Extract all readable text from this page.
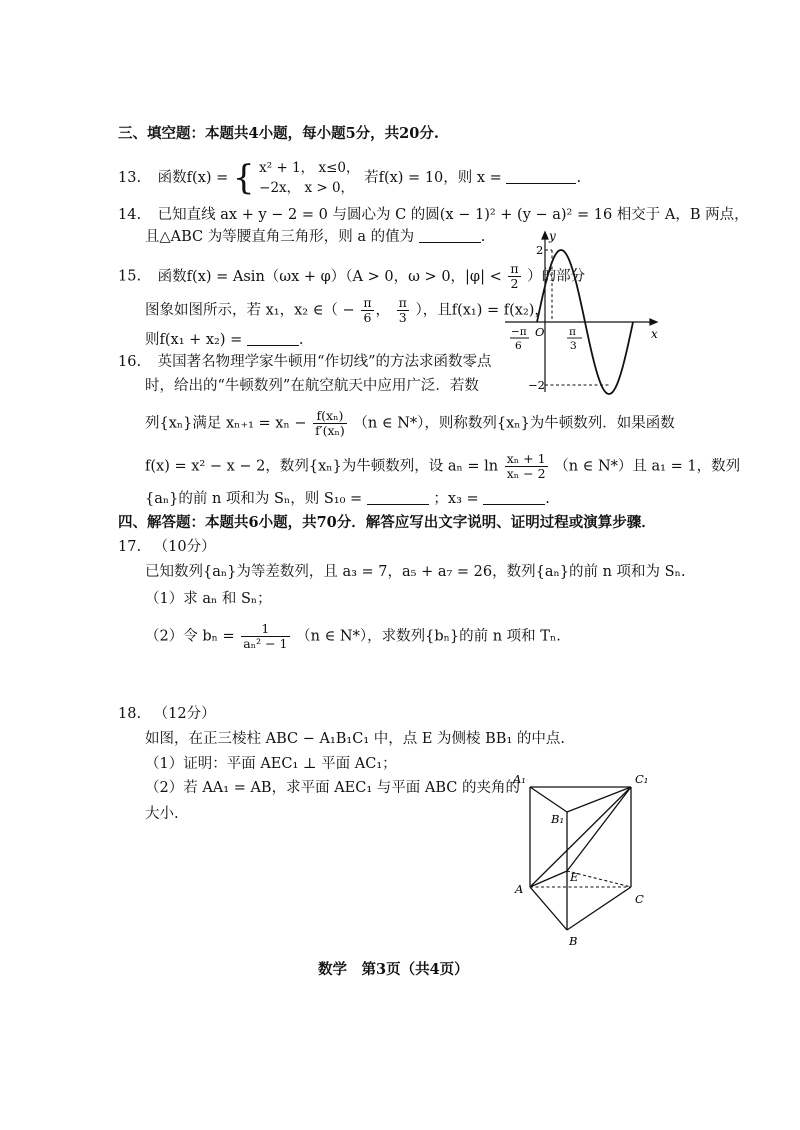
三、填空题：本题共4小题，每小题5分，共20分.
13. 函数f(x) = { x² + 1， x≤0，
−2x， x > 0，
若f(x) = 10，则 x =	.
14. 已知直线 ax + y − 2 = 0 与圆心为 C 的圆(x − 1)² + (y − a)² = 16 相交于 A，B 两点，
且△ABC 为等腰直角三角形，则 a 的值为	.
15. 函数f(x) = Asin（ωx + φ）（A > 0，ω > 0，$|\varphi| < \frac{\pi}{2}$ ）的部分
图象如图所示，若 x₁，x₂ ∈（ − $\frac{\pi}{6}$ ， $\frac{\pi}{3}$ ），且f(x₁) = f(x₂)，
则f(x₁ + x₂) =	.
y
x
O
2
−2
−π
6
π
3
16. 英国著名物理学家牛顿用“作切线”的方法求函数零点
时，给出的“牛顿数列”在航空航天中应用广泛．若数
列{xₙ}满足 $x_{n+1} = x_n - \frac{\text{f(xₙ)}}{\text{f′(xₙ)}} (n$ ∈ N*），则称数列{xₙ}为牛顿数列．如果函数
f(x) = x² − x − 2，数列{xₙ}为牛顿数列，设 $a_n = \ln \frac{\text{xₙ + 1}}{\text{xₙ − 2}} (n$ ∈ N*）且 a₁ = 1，数列
{aₙ}的前 n 项和为 Sₙ，则 S₁₀ =	；x₃ =	.
四、解答题：本题共6小题，共70分．解答应写出文字说明、证明过程或演算步骤．
17. （10分）
已知数列{aₙ}为等差数列，且 a₃ = 7，a₅ + a₇ = 26，数列{aₙ}的前 n 项和为 Sₙ.
（1）求 aₙ 和 Sₙ；
（2）令 $b_n = \frac{1}{\text{aₙ² − 1}} (n$ ∈ N*），求数列{bₙ}的前 n 项和 Tₙ.
18. （12分）
如图，在正三棱柱 ABC − A₁B₁C₁ 中，点 E 为侧棱 BB₁ 的中点.
（1）证明：平面 AEC₁ ⊥ 平面 AC₁；
（2）若 AA₁ = AB，求平面 AEC₁ 与平面 ABC 的夹角的
大小.
A₁
B₁
C₁
E
A
C
B
数学　第3页（共4页）
